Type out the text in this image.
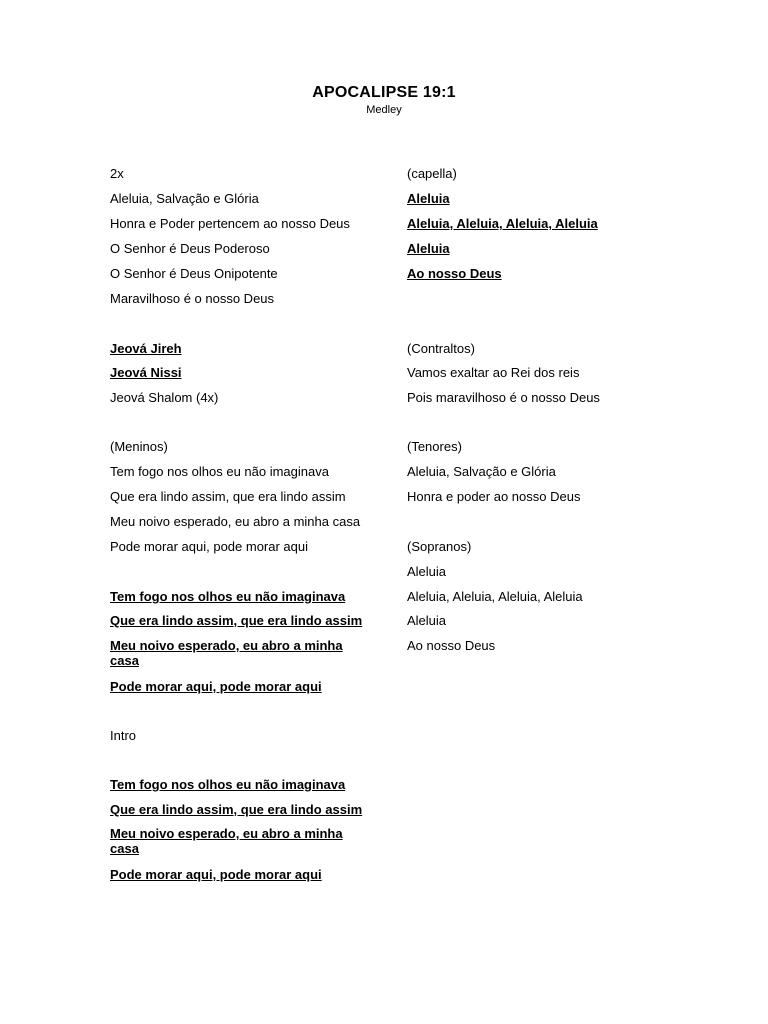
APOCALIPSE 19:1
Medley
2x
Aleluia, Salvação e Glória
Honra e Poder pertencem ao nosso Deus
O Senhor é Deus Poderoso
O Senhor é Deus Onipotente
Maravilhoso é o nosso Deus
Jeová Jireh
Jeová Nissi
Jeová Shalom (4x)
(Meninos)
Tem fogo nos olhos eu não imaginava
Que era lindo assim, que era lindo assim
Meu noivo esperado, eu abro a minha casa
Pode morar aqui, pode morar aqui
Tem fogo nos olhos eu não imaginava
Que era lindo assim, que era lindo assim
Meu noivo esperado, eu abro a minha casa
Pode morar aqui, pode morar aqui
Intro
Tem fogo nos olhos eu não imaginava
Que era lindo assim, que era lindo assim
Meu noivo esperado, eu abro a minha casa
Pode morar aqui, pode morar aqui
(capella)
Aleluia
Aleluia, Aleluia, Aleluia, Aleluia
Aleluia
Ao nosso Deus
(Contraltos)
Vamos exaltar ao Rei dos reis
Pois maravilhoso é o nosso Deus
(Tenores)
Aleluia, Salvação e Glória
Honra e poder ao nosso Deus
(Sopranos)
Aleluia
Aleluia, Aleluia, Aleluia, Aleluia
Aleluia
Ao nosso Deus
